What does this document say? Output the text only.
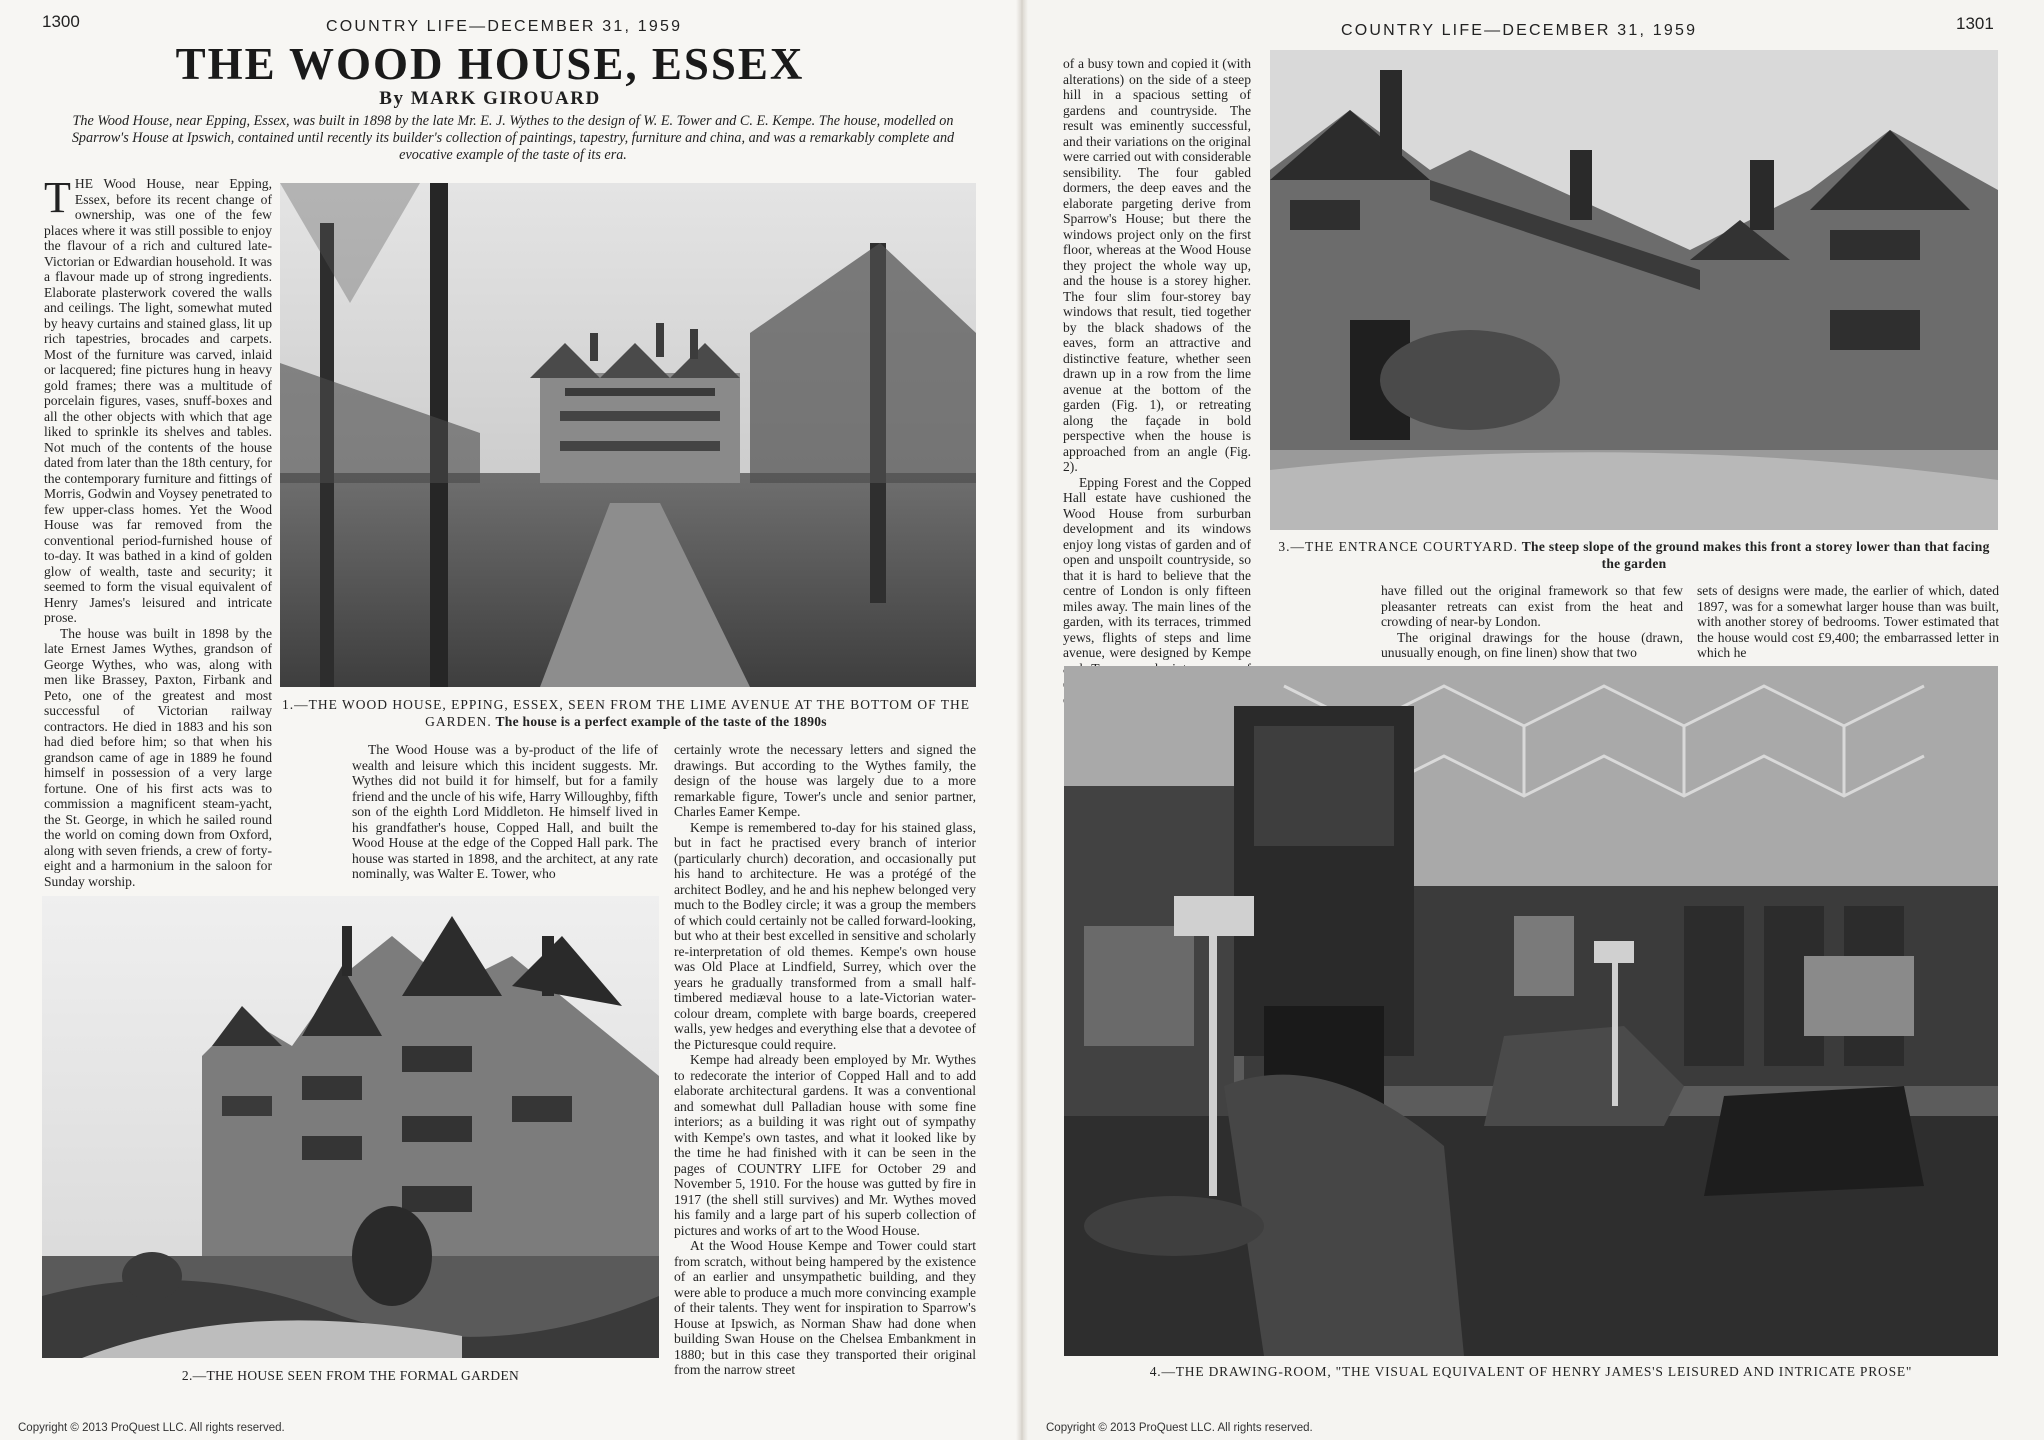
1300	COUNTRY LIFE—DECEMBER 31, 1959
THE WOOD HOUSE, ESSEX
By MARK GIROUARD
The Wood House, near Epping, Essex, was built in 1898 by the late Mr. E. J. Wythes to the design of W. E. Tower and C. E. Kempe. The house, modelled on Sparrow's House at Ipswich, contained until recently its builder's collection of paintings, tapestry, furniture and china, and was a remarkably complete and evocative example of the taste of its era.

THE Wood House, near Epping, Essex, before its recent change of ownership, was one of the few places where it was still possible to enjoy the flavour of a rich and cultured late-Victorian or Edwardian household. It was a flavour made up of strong ingredients. Elaborate plasterwork covered the walls and ceilings. The light, somewhat muted by heavy curtains and stained glass, lit up rich tapestries, brocades and carpets. Most of the furniture was carved, inlaid or lacquered; fine pictures hung in heavy gold frames; there was a multitude of porcelain figures, vases, snuff-boxes and all the other objects with which that age liked to sprinkle its shelves and tables. Not much of the contents of the house dated from later than the 18th century, for the contemporary furniture and fittings of Morris, Godwin and Voysey penetrated to few upper-class homes. Yet the Wood House was far removed from the conventional period-furnished house of to-day. It was bathed in a kind of golden glow of wealth, taste and security; it seemed to form the visual equivalent of Henry James's leisured and intricate prose.

The house was built in 1898 by the late Ernest James Wythes, grandson of George Wythes, who was, along with men like Brassey, Paxton, Firbank and Peto, one of the greatest and most successful of Victorian railway contractors. He died in 1883 and his son had died before him; so that when his grandson came of age in 1889 he found himself in possession of a very large fortune. One of his first acts was to commission a magnificent steam-yacht, the St. George, in which he sailed round the world on coming down from Oxford, along with seven friends, a crew of forty-eight and a harmonium in the saloon for Sunday worship.

1.—THE WOOD HOUSE, EPPING, ESSEX, SEEN FROM THE LIME AVENUE AT THE BOTTOM OF THE GARDEN. The house is a perfect example of the taste of the 1890s

The Wood House was a by-product of the life of wealth and leisure which this incident suggests. Mr. Wythes did not build it for himself, but for a family friend and the uncle of his wife, Harry Willoughby, fifth son of the eighth Lord Middleton. He himself lived in his grandfather's house, Copped Hall, and built the Wood House at the edge of the Copped Hall park. The house was started in 1898, and the architect, at any rate nominally, was Walter E. Tower, who

certainly wrote the necessary letters and signed the drawings. But according to the Wythes family, the design of the house was largely due to a more remarkable figure, Tower's uncle and senior partner, Charles Eamer Kempe.

Kempe is remembered to-day for his stained glass, but in fact he practised every branch of interior (particularly church) decoration, and occasionally put his hand to architecture. He was a protégé of the architect Bodley, and he and his nephew belonged very much to the Bodley circle; it was a group the members of which could certainly not be called forward-looking, but who at their best excelled in sensitive and scholarly re-interpretation of old themes. Kempe's own house was Old Place at Lindfield, Surrey, which over the years he gradually transformed from a small half-timbered mediæval house to a late-Victorian water-colour dream, complete with barge boards, creepered walls, yew hedges and everything else that a devotee of the Picturesque could require.

Kempe had already been employed by Mr. Wythes to redecorate the interior of Copped Hall and to add elaborate architectural gardens. It was a conventional and somewhat dull Palladian house with some fine interiors; as a building it was right out of sympathy with Kempe's own tastes, and what it looked like by the time he had finished with it can be seen in the pages of COUNTRY LIFE for October 29 and November 5, 1910. For the house was gutted by fire in 1917 (the shell still survives) and Mr. Wythes moved his family and a large part of his superb collection of pictures and works of art to the Wood House.

At the Wood House Kempe and Tower could start from scratch, without being hampered by the existence of an earlier and unsympathetic building, and they were able to produce a much more convincing example of their talents. They went for inspiration to Sparrow's House at Ipswich, as Norman Shaw had done when building Swan House on the Chelsea Embankment in 1880; but in this case they transported their original from the narrow street

2.—THE HOUSE SEEN FROM THE FORMAL GARDEN
Copyright © 2013 ProQuest LLC. All rights reserved.
COUNTRY LIFE—DECEMBER 31, 1959	1301

of a busy town and copied it (with alterations) on the side of a steep hill in a spacious setting of gardens and countryside. The result was eminently successful, and their variations on the original were carried out with considerable sensibility. The four gabled dormers, the deep eaves and the elaborate pargeting derive from Sparrow's House; but there the windows project only on the first floor, whereas at the Wood House they project the whole way up, and the house is a storey higher. The four slim four-storey bay windows that result, tied together by the black shadows of the eaves, form an attractive and distinctive feature, whether seen drawn up in a row from the lime avenue at the bottom of the garden (Fig. 1), or retreating along the façade in bold perspective when the house is approached from an angle (Fig. 2).

Epping Forest and the Copped Hall estate have cushioned the Wood House from surburban development and its windows enjoy long vistas of garden and of open and unspoilt countryside, so that it is hard to believe that the centre of London is only fifteen miles away. The main lines of the garden, with its terraces, trimmed yews, flights of steps and lime avenue, were designed by Kempe

3.—THE ENTRANCE COURTYARD. The steep slope of the ground makes this front a storey lower than that facing the garden

have filled out the original framework so that few pleasanter retreats can exist from the heat and crowding of near-by London.

The original drawings for the house (drawn, unusually enough, on fine linen) show that two

sets of designs were made, the earlier of which, dated 1897, was for a somewhat larger house than was built, with another storey of bedrooms. Tower estimated that the house would cost £9,400; the embarrassed letter in which he

4.—THE DRAWING-ROOM, "THE VISUAL EQUIVALENT OF HENRY JAMES'S LEISURED AND INTRICATE PROSE"
Copyright © 2013 ProQuest LLC. All rights reserved.
